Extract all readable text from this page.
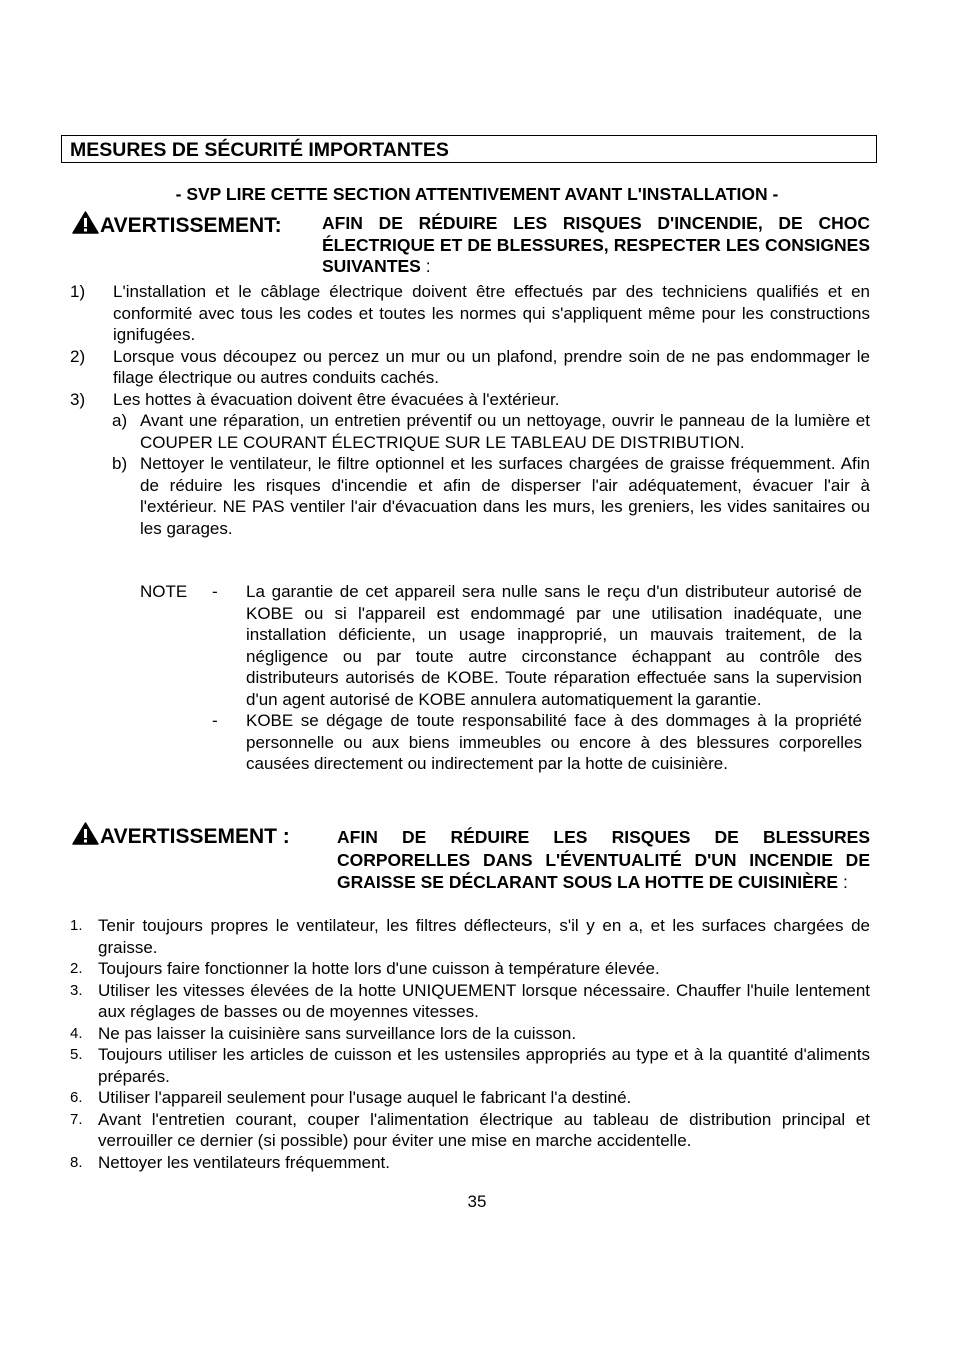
MESURES DE SÉCURITÉ IMPORTANTES
- SVP LIRE CETTE SECTION ATTENTIVEMENT AVANT L'INSTALLATION -
AVERTISSEMENT: AFIN DE RÉDUIRE LES RISQUES D'INCENDIE, DE CHOC ÉLECTRIQUE ET DE BLESSURES, RESPECTER LES CONSIGNES SUIVANTES :
1) L'installation et le câblage électrique doivent être effectués par des techniciens qualifiés et en conformité avec tous les codes et toutes les normes qui s'appliquent même pour les constructions ignifugées.
2) Lorsque vous découpez ou percez un mur ou un plafond, prendre soin de ne pas endommager le filage électrique ou autres conduits cachés.
3) Les hottes à évacuation doivent être évacuées à l'extérieur.
a) Avant une réparation, un entretien préventif ou un nettoyage, ouvrir le panneau de la lumière et COUPER LE COURANT ÉLECTRIQUE SUR LE TABLEAU DE DISTRIBUTION.
b) Nettoyer le ventilateur, le filtre optionnel et les surfaces chargées de graisse fréquemment. Afin de réduire les risques d'incendie et afin de disperser l'air adéquatement, évacuer l'air à l'extérieur. NE PAS ventiler l'air d'évacuation dans les murs, les greniers, les vides sanitaires ou les garages.
NOTE - La garantie de cet appareil sera nulle sans le reçu d'un distributeur autorisé de KOBE ou si l'appareil est endommagé par une utilisation inadéquate, une installation déficiente, un usage inapproprié, un mauvais traitement, de la négligence ou par toute autre circonstance échappant au contrôle des distributeurs autorisés de KOBE. Toute réparation effectuée sans la supervision d'un agent autorisé de KOBE annulera automatiquement la garantie.
- KOBE se dégage de toute responsabilité face à des dommages à la propriété personnelle ou aux biens immeubles ou encore à des blessures corporelles causées directement ou indirectement par la hotte de cuisinière.
AVERTISSEMENT :	AFIN DE RÉDUIRE LES RISQUES DE BLESSURES CORPORELLES DANS L'ÉVENTUALITÉ D'UN INCENDIE DE GRAISSE SE DÉCLARANT SOUS LA HOTTE DE CUISINIÈRE :
1. Tenir toujours propres le ventilateur, les filtres déflecteurs, s'il y en a, et les surfaces chargées de graisse.
2. Toujours faire fonctionner la hotte lors d'une cuisson à température élevée.
3. Utiliser les vitesses élevées de la hotte UNIQUEMENT lorsque nécessaire. Chauffer l'huile lentement aux réglages de basses ou de moyennes vitesses.
4. Ne pas laisser la cuisinière sans surveillance lors de la cuisson.
5. Toujours utiliser les articles de cuisson et les ustensiles appropriés au type et à la quantité d'aliments préparés.
6. Utiliser l'appareil seulement pour l'usage auquel le fabricant l'a destiné.
7. Avant l'entretien courant, couper l'alimentation électrique au tableau de distribution principal et verrouiller ce dernier (si possible) pour éviter une mise en marche accidentelle.
8. Nettoyer les ventilateurs fréquemment.
35
